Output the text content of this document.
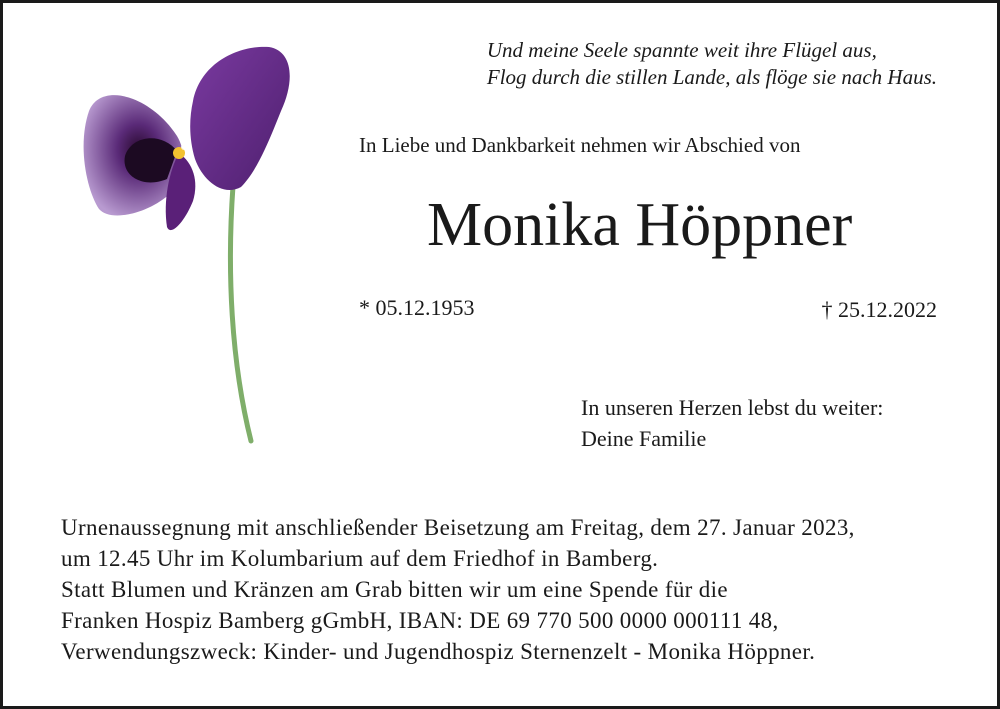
Und meine Seele spannte weit ihre Flügel aus,
Flog durch die stillen Lande, als flöge sie nach Haus.
In Liebe und Dankbarkeit nehmen wir Abschied von
Monika Höppner
* 05.12.1953	† 25.12.2022
In unseren Herzen lebst du weiter:
Deine Familie
Urnenaussegnung mit anschließender Beisetzung am Freitag, dem 27. Januar 2023,
um 12.45 Uhr im Kolumbarium auf dem Friedhof in Bamberg.
Statt Blumen und Kränzen am Grab bitten wir um eine Spende für die
Franken Hospiz Bamberg gGmbH, IBAN: DE 69 770 500 0000 000111 48,
Verwendungszweck: Kinder- und Jugendhospiz Sternenzelt - Monika Höppner.
